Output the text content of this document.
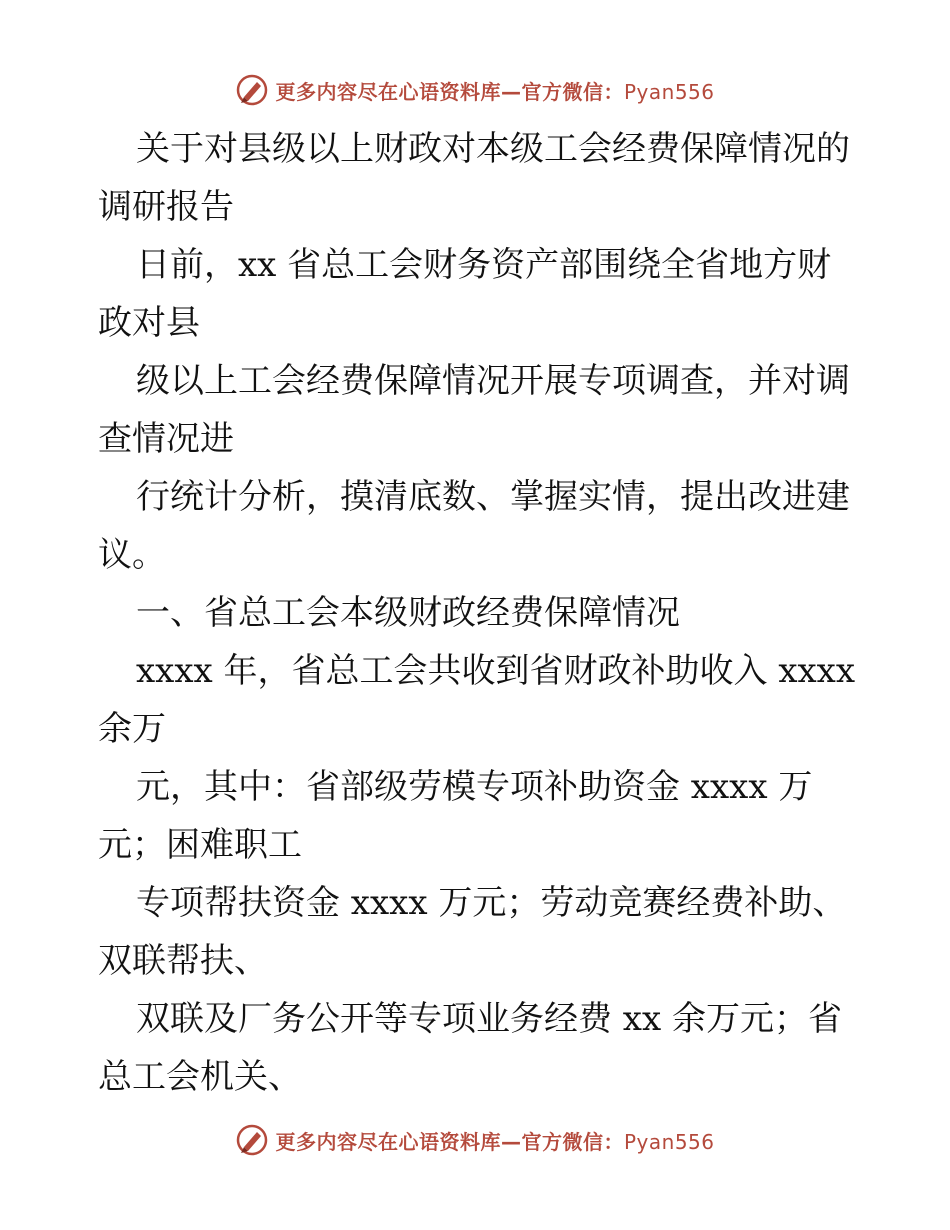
更多内容尽在心语资料库—官方微信：Pyan556
关于对县级以上财政对本级工会经费保障情况的
调研报告
日前，xx 省总工会财务资产部围绕全省地方财
政对县
级以上工会经费保障情况开展专项调查，并对调
查情况进
行统计分析，摸清底数、掌握实情，提出改进建
议。
一、省总工会本级财政经费保障情况
xxxx 年，省总工会共收到省财政补助收入 xxxx
余万
元，其中：省部级劳模专项补助资金 xxxx 万
元；困难职工
专项帮扶资金 xxxx 万元；劳动竞赛经费补助、
双联帮扶、
双联及厂务公开等专项业务经费 xx 余万元；省
总工会机关、
更多内容尽在心语资料库—官方微信：Pyan556
